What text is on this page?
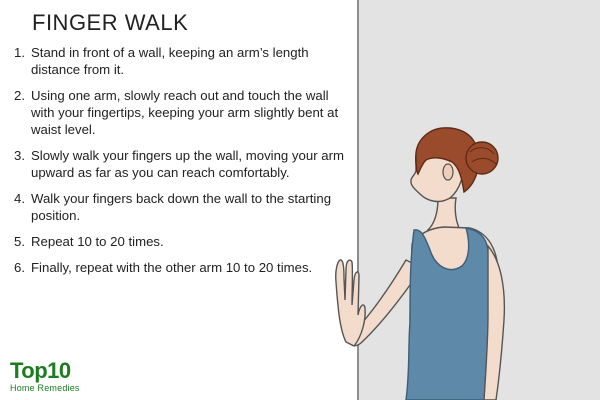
FINGER WALK
1. Stand in front of a wall, keeping an arm’s length distance from it.
2. Using one arm, slowly reach out and touch the wall with your fingertips, keeping your arm slightly bent at waist level.
3. Slowly walk your fingers up the wall, moving your arm upward as far as you can reach comfortably.
4. Walk your fingers back down the wall to the starting position.
5. Repeat 10 to 20 times.
6. Finally, repeat with the other arm 10 to 20 times.
Top10
Home Remedies
